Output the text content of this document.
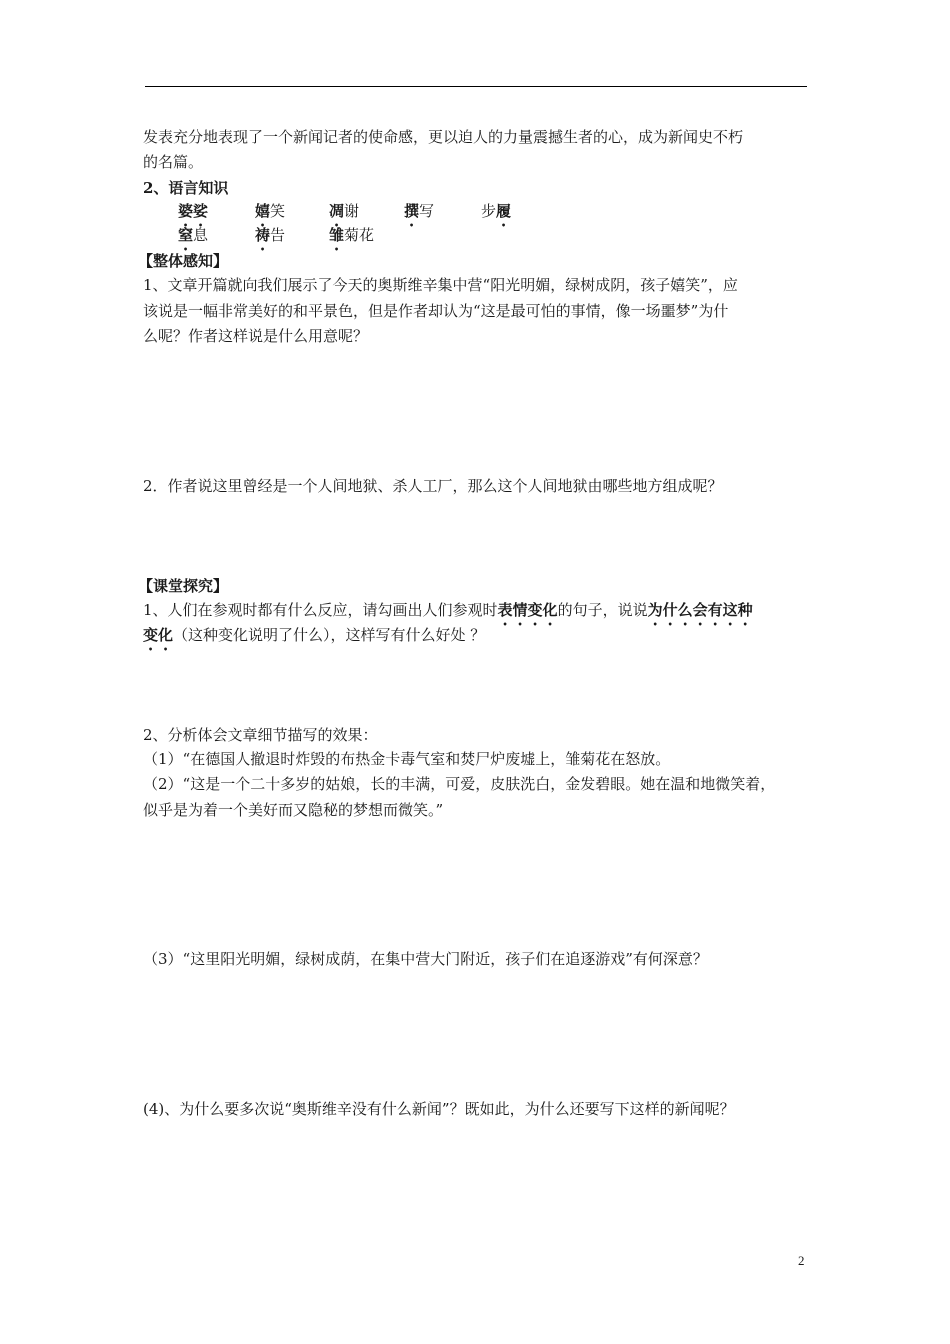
发表充分地表现了一个新闻记者的使命感，更以迫人的力量震撼生者的心，成为新闻史不朽
的名篇。
2、语言知识
婆娑	嬉笑	凋谢	撰写	步履
窒息	祷告	雏菊花
【整体感知】
1、文章开篇就向我们展示了今天的奥斯维辛集中营“阳光明媚，绿树成阴，孩子嬉笑”，应
该说是一幅非常美好的和平景色，但是作者却认为“这是最可怕的事情，像一场噩梦”为什
么呢？作者这样说是什么用意呢？
2．作者说这里曾经是一个人间地狱、杀人工厂，那么这个人间地狱由哪些地方组成呢？
【课堂探究】
1、人们在参观时都有什么反应，请勾画出人们参观时表情变化的句子，说说为什么会有这种
变化（这种变化说明了什么），这样写有什么好处 ？
2、分析体会文章细节描写的效果：
（1）“在德国人撤退时炸毁的布热金卡毒气室和焚尸炉废墟上，雏菊花在怒放。
（2）“这是一个二十多岁的姑娘，长的丰满，可爱，皮肤洗白，金发碧眼。她在温和地微笑着，
似乎是为着一个美好而又隐秘的梦想而微笑。”
（3）“这里阳光明媚，绿树成荫，在集中营大门附近，孩子们在追逐游戏”有何深意？
(4)、为什么要多次说“奥斯维辛没有什么新闻”？既如此，为什么还要写下这样的新闻呢？
2
